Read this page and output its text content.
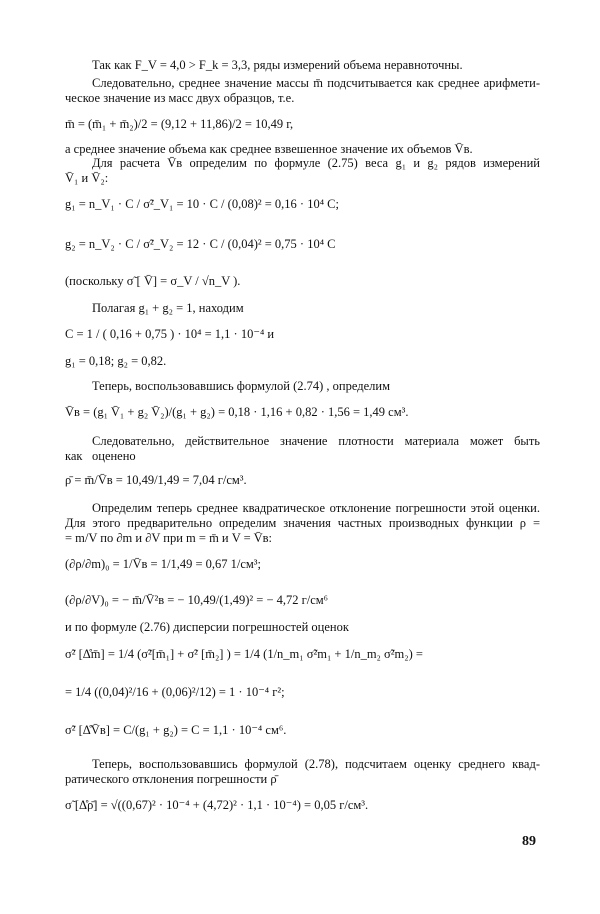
Так как F_V = 4,0 > F_k = 3,3, ряды измерений объема неравноточны.
Следовательно, среднее значение массы m̄ подсчитывается как среднее арифмети-
ческое значение из масс двух образцов, т.е.
m̄ = (m̄₁ + m̄₂)/2 = (9,12 + 11,86)/2 = 10,49 г,
а среднее значение объема как среднее взвешенное значение их объемов V̄в.
Для расчета V̄в определим по формуле (2.75) веса g₁ и g₂ рядов измерений
V̄₁ и V̄₂:
g₁ = n_V₁ · C / σ̃²_V₁ = 10 · C / (0,08)² = 0,16 · 10⁴ C;
g₂ = n_V₂ · C / σ̃²_V₂ = 12 · C / (0,04)² = 0,75 · 10⁴ C
(поскольку σ̃ [ V̄] = σ_V / √n_V ).
Полагая g₁ + g₂ = 1, находим
C = 1 / ( 0,16 + 0,75 ) · 10⁴ = 1,1 · 10⁻⁴ и
g₁ = 0,18; g₂ = 0,82.
Теперь, воспользовавшись формулой (2.74) , определим
V̄в = (g₁ V̄₁ + g₂ V̄₂)/(g₁ + g₂) = 0,18 · 1,16 + 0,82 · 1,56 = 1,49 см³.
Следовательно, действительное значение плотности материала может быть оценено
как
ρ̄ = m̄/V̄в = 10,49/1,49 = 7,04 г/см³.
Определим теперь среднее квадратическое отклонение погрешности этой оценки.
Для этого предварительно определим значения частных производных функции ρ =
= m/V по ∂m и ∂V при m = m̄ и V = V̄в:
(∂ρ/∂m)₀ = 1/V̄в = 1/1,49 = 0,67 1/см³;
(∂ρ/∂V)₀ = − m̄/V̄²в = − 10,49/(1,49)² = − 4,72 г/см⁶
и по формуле (2.76) дисперсии погрешностей оценок
σ̃² [Δ̊m̄] = 1/4 (σ̃²[m̄₁] + σ̃² [m̄₂] ) = 1/4 (1/n_m₁ σ̃²m₁ + 1/n_m₂ σ̃²m₂) =
= 1/4 ((0,04)²/16 + (0,06)²/12) = 1 · 10⁻⁴ г²;
σ̃² [Δ̊V̄в] = C/(g₁ + g₂) = C = 1,1 · 10⁻⁴ см⁶.
Теперь, воспользовавшись формулой (2.78), подсчитаем оценку среднего квад-
ратического отклонения погрешности ρ̄
σ̃ [Δ̊ρ̄] = √((0,67)² · 10⁻⁴ + (4,72)² · 1,1 · 10⁻⁴) = 0,05 г/см³.
89
